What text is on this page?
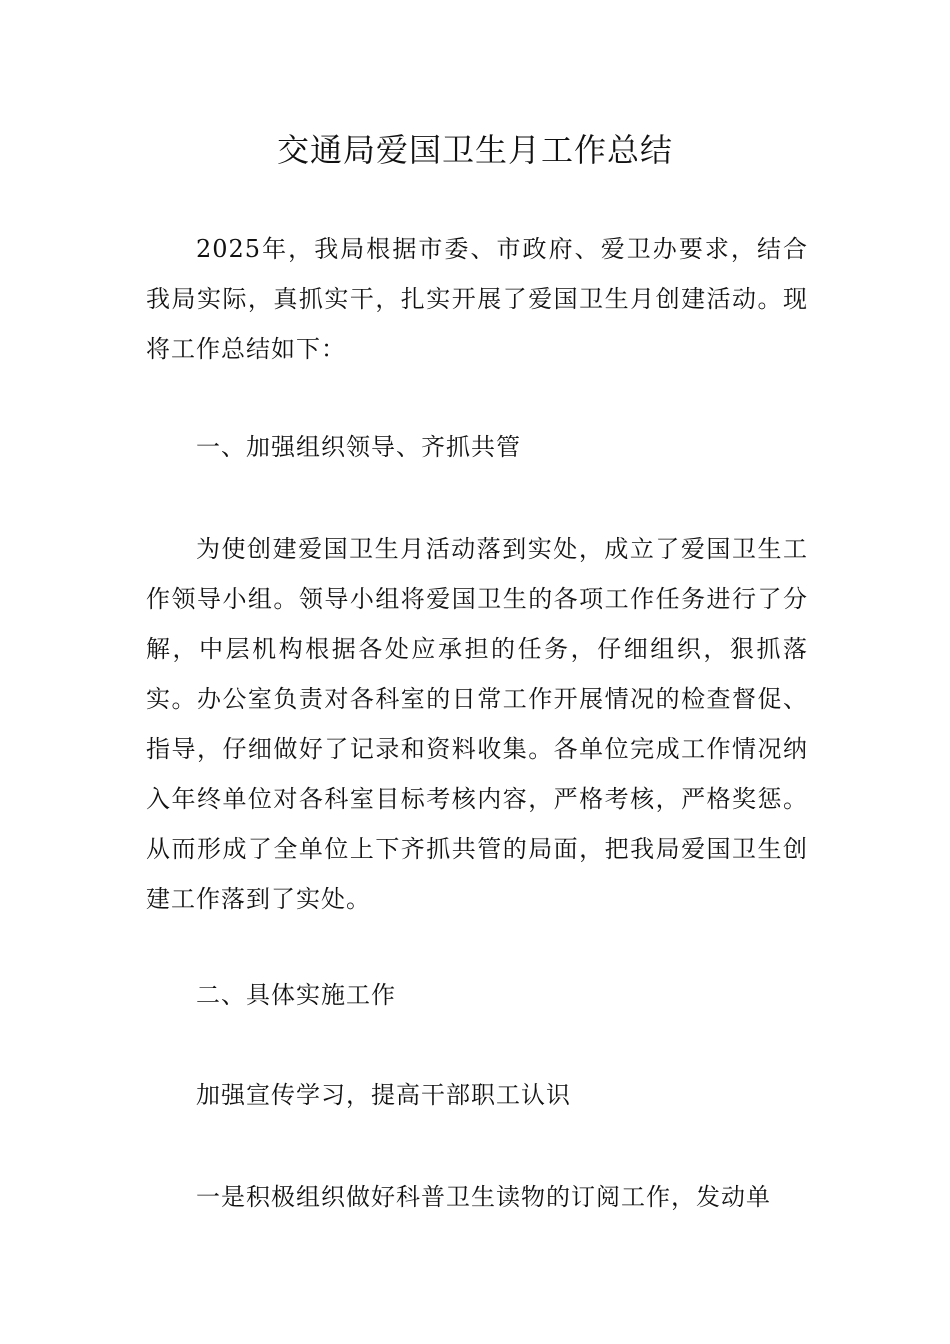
交通局爱国卫生月工作总结

2025年，我局根据市委、市政府、爱卫办要求，结合我局实际，真抓实干，扎实开展了爱国卫生月创建活动。现将工作总结如下：

一、加强组织领导、齐抓共管

为使创建爱国卫生月活动落到实处，成立了爱国卫生工作领导小组。领导小组将爱国卫生的各项工作任务进行了分解，中层机构根据各处应承担的任务，仔细组织，狠抓落实。办公室负责对各科室的日常工作开展情况的检查督促、指导，仔细做好了记录和资料收集。各单位完成工作情况纳入年终单位对各科室目标考核内容，严格考核，严格奖惩。从而形成了全单位上下齐抓共管的局面，把我局爱国卫生创建工作落到了实处。

二、具体实施工作

加强宣传学习，提高干部职工认识

一是积极组织做好科普卫生读物的订阅工作，发动单
